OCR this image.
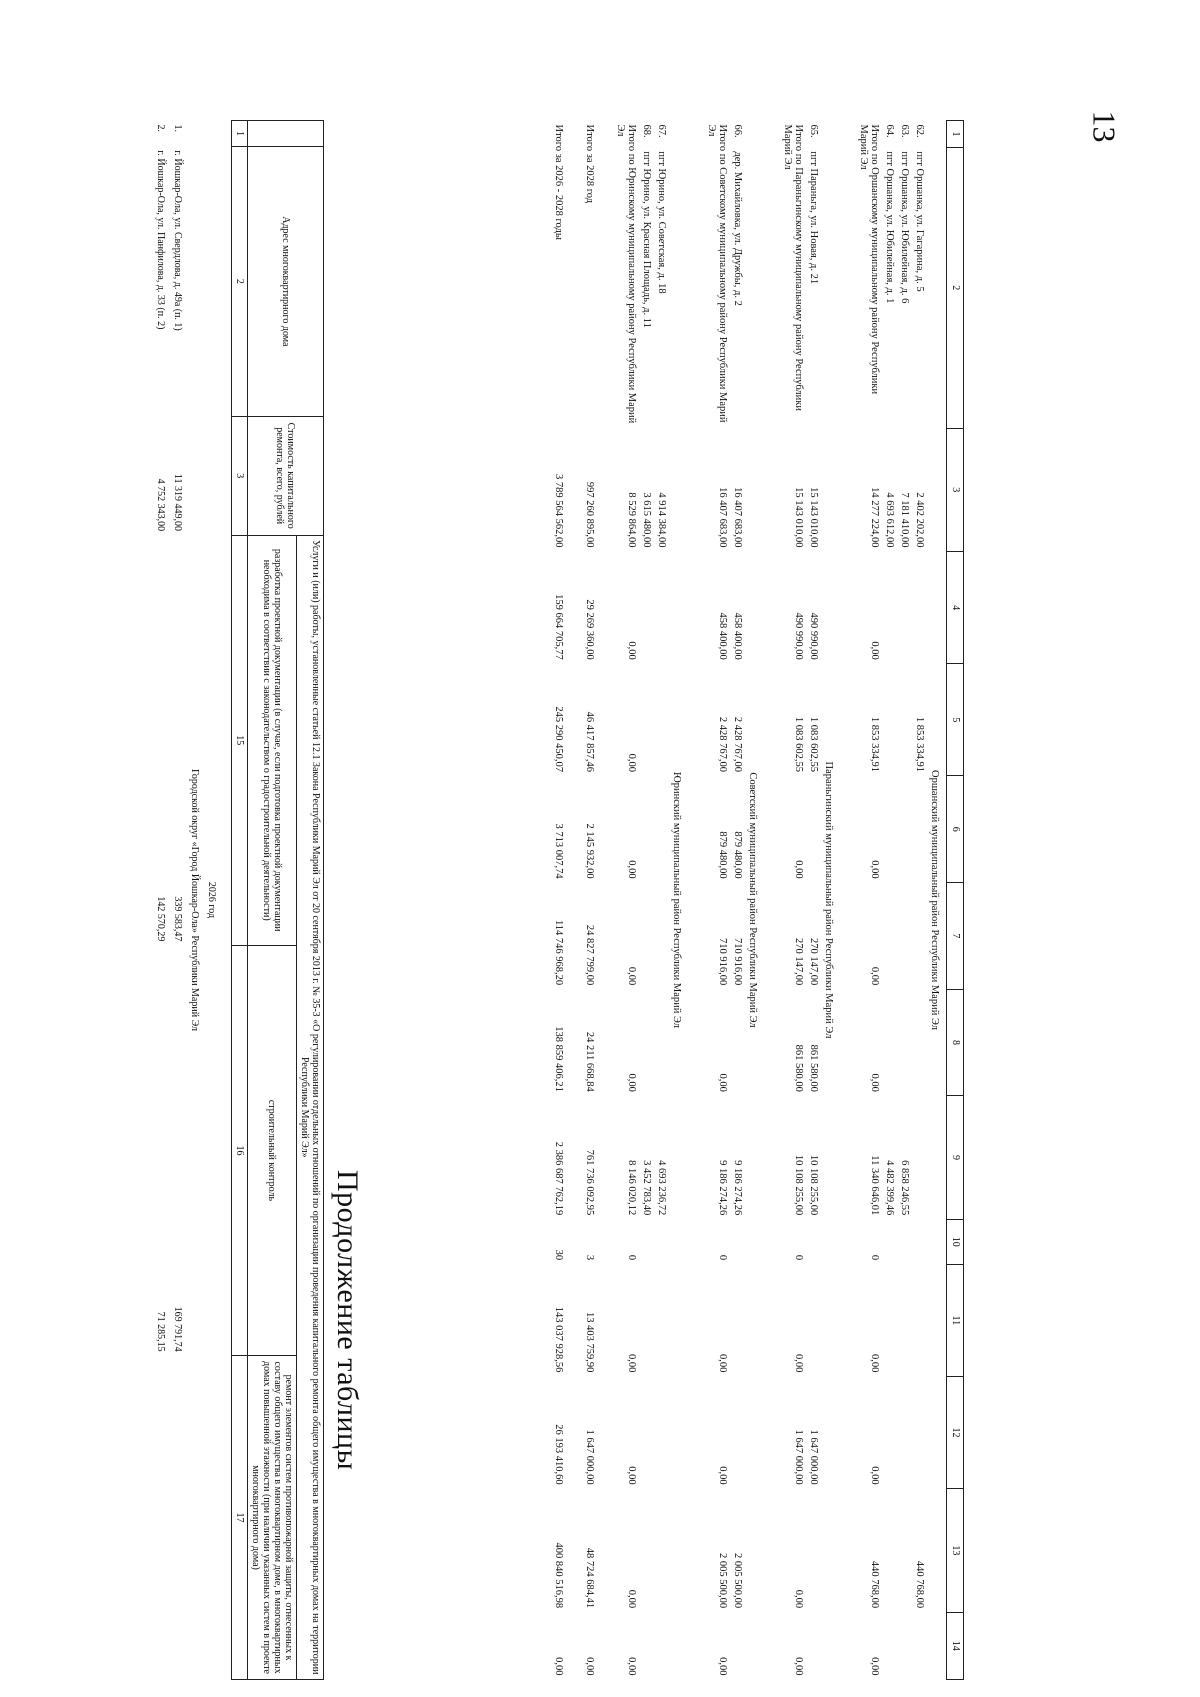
13
1	2	3	4	5	6	7	8	9	10	11	12	13	14
Оршанский муниципальный район Республики Марий Эл													
62.	пгт Оршанка, ул. Гагарина, д. 5	2 402 202,00		1 853 334,91								440 768,00	
63.	пгт Оршанка, ул. Юбилейная, д. 6	7 181 410,00						6 858 246,55					
64.	пгт Оршанка, ул. Юбилейная, д. 1	4 693 612,00						4 482 399,46					
Итого по Оршанскому муниципальному району Республики Марий Эл		14 277 224,00	0,00	1 853 334,91	0,00	0,00	0,00	11 340 646,01	0	0,00	0,00	440 768,00	0,00
Параньгинский муниципальный район Республики Марий Эл													
65.	пгт Параньга, ул. Новая, д. 21	15 143 010,00	490 990,00	1 083 602,55		270 147,00	861 580,00	10 108 255,00			1 647 000,00		
Итого по Параньгинскому муниципальному району Республики Марий Эл		15 143 010,00	490 990,00	1 083 602,55	0,00	270 147,00	861 580,00	10 108 255,00	0	0,00	1 647 000,00	0,00	0,00
Советский муниципальный район Республики Марий Эл													
66.	дер. Михайловка, ул. Дружбы, д. 2	16 407 683,00	458 400,00	2 428 767,00	879 480,00	710 916,00		9 186 274,26				2 005 500,00	
Итого по Советскому муниципальному району Республики Марий Эл		16 407 683,00	458 400,00	2 428 767,00	879 480,00	710 916,00	0,00	9 186 274,26	0	0,00	0,00	2 005 500,00	0,00
Юринский муниципальный район Республики Марий Эл													
67.	пгт Юрино, ул. Советская, д. 18	4 914 384,00						4 693 236,72					
68.	пгт Юрино, ул. Красная Площадь, д. 11	3 615 480,00						3 452 783,40					
Итого по Юринскому муниципальному району Республики Марий Эл		8 529 864,00	0,00	0,00	0,00	0,00	0,00	8 146 020,12	0	0,00	0,00	0,00	0,00
Итого за 2028 год		997 260 895,00	29 269 360,00	46 417 857,46	2 145 932,00	24 827 799,00	24 211 668,84	761 736 092,95	3	13 403 759,90	1 647 000,00	48 724 684,41	0,00
Итого за 2026 - 2028 годы		3 789 564 562,00	159 664 705,77	245 290 450,07	3 713 007,74	114 746 968,20	138 859 406,21	2 386 687 762,19	30	143 037 928,56	26 193 410,60	400 840 516,98	0,00
Продолжение таблицы
	Адрес многоквартирного дома	Стоимость капитального ремонта, всего, рублей	Услуги и (или) работы, установленные статьей 12.1 Закона Республики Марий Эл от 20 сентября 2013 г. № 35-З «О регулировании отдельных отношений по организации проведения капитального ремонта общего имущества в многоквартирных домах на территории Республики Марий Эл»		
			разработка проектной документации (в случае, если подготовка проектной документации необходима в соответствии с законодательством о градостроительной деятельности)	строительный контроль	ремонт элементов систем противопожарной защиты, отнесенных к составу общего имущества в многоквартирном доме, в многоквартирных домах повышенной этажности (при наличии указанных систем в проекте многоквартирного дома)
1	2	3	15	16	17
2026 год					
Городской округ «Город Йошкар-Ола» Республики Марий Эл					
1.	г. Йошкар-Ола, ул. Свердлова, д. 49а (п. 1)	11 319 449,00	339 583,47	169 791,74	
2.	г. Йошкар-Ола, ул. Панфилова, д. 33 (п. 2)	4 752 343,00	142 570,29	71 285,15	
